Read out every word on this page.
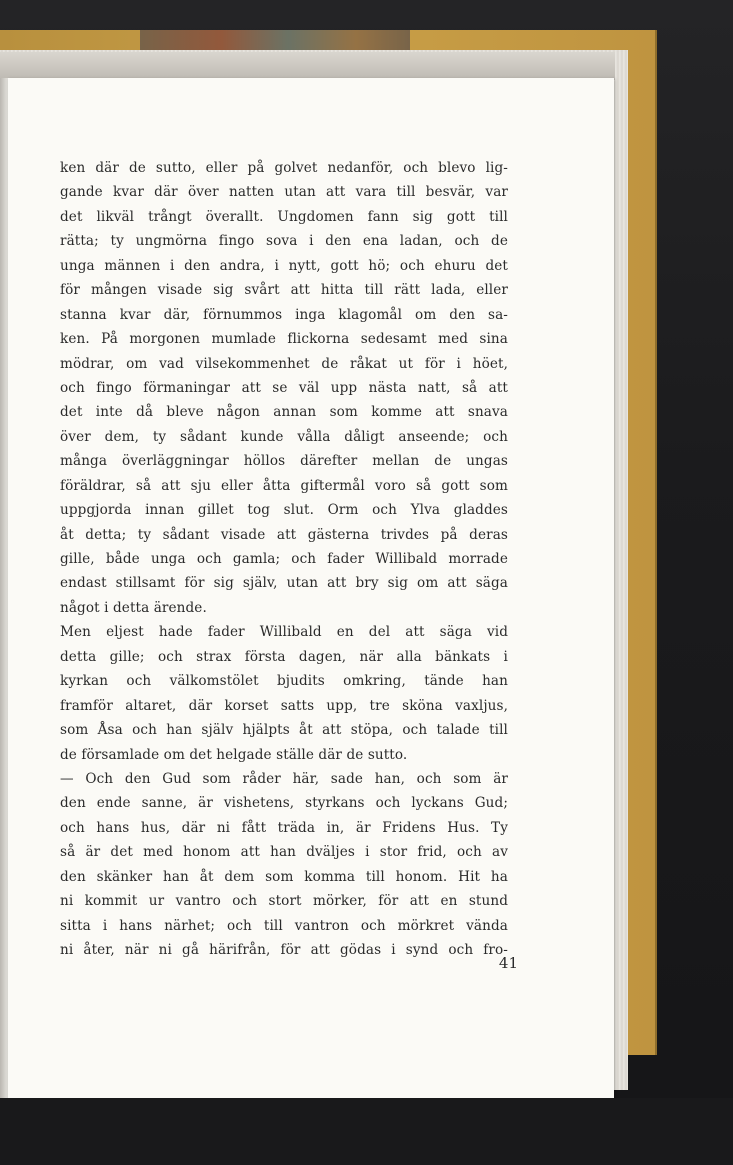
ken där de sutto, eller på golvet nedanför, och blevo lig-
gande kvar där över natten utan att vara till besvär, var
det likväl trångt överallt. Ungdomen fann sig gott till
rätta; ty ungmörna fingo sova i den ena ladan, och de
unga männen i den andra, i nytt, gott hö; och ehuru det
för mången visade sig svårt att hitta till rätt lada, eller
stanna kvar där, förnummos inga klagomål om den sa-
ken. På morgonen mumlade flickorna sedesamt med sina
mödrar, om vad vilsekommenhet de råkat ut för i höet,
och fingo förmaningar att se väl upp nästa natt, så att
det inte då bleve någon annan som komme att snava
över dem, ty sådant kunde vålla dåligt anseende; och
många överläggningar höllos därefter mellan de ungas
föräldrar, så att sju eller åtta giftermål voro så gott som
uppgjorda innan gillet tog slut. Orm och Ylva gladdes
åt detta; ty sådant visade att gästerna trivdes på deras
gille, både unga och gamla; och fader Willibald morrade
endast stillsamt för sig själv, utan att bry sig om att säga
något i detta ärende.
Men eljest hade fader Willibald en del att säga vid
detta gille; och strax första dagen, när alla bänkats i
kyrkan och välkomstölet bjudits omkring, tände han
framför altaret, där korset satts upp, tre sköna vaxljus,
som Åsa och han själv hjälpts åt att stöpa, och talade till
de församlade om det helgade ställe där de sutto.
— Och den Gud som råder här, sade han, och som är
den ende sanne, är vishetens, styrkans och lyckans Gud;
och hans hus, där ni fått träda in, är Fridens Hus. Ty
så är det med honom att han dväljes i stor frid, och av
den skänker han åt dem som komma till honom. Hit ha
ni kommit ur vantro och stort mörker, för att en stund
sitta i hans närhet; och till vantron och mörkret vända
ni åter, när ni gå härifrån, för att gödas i synd och fro-
41
